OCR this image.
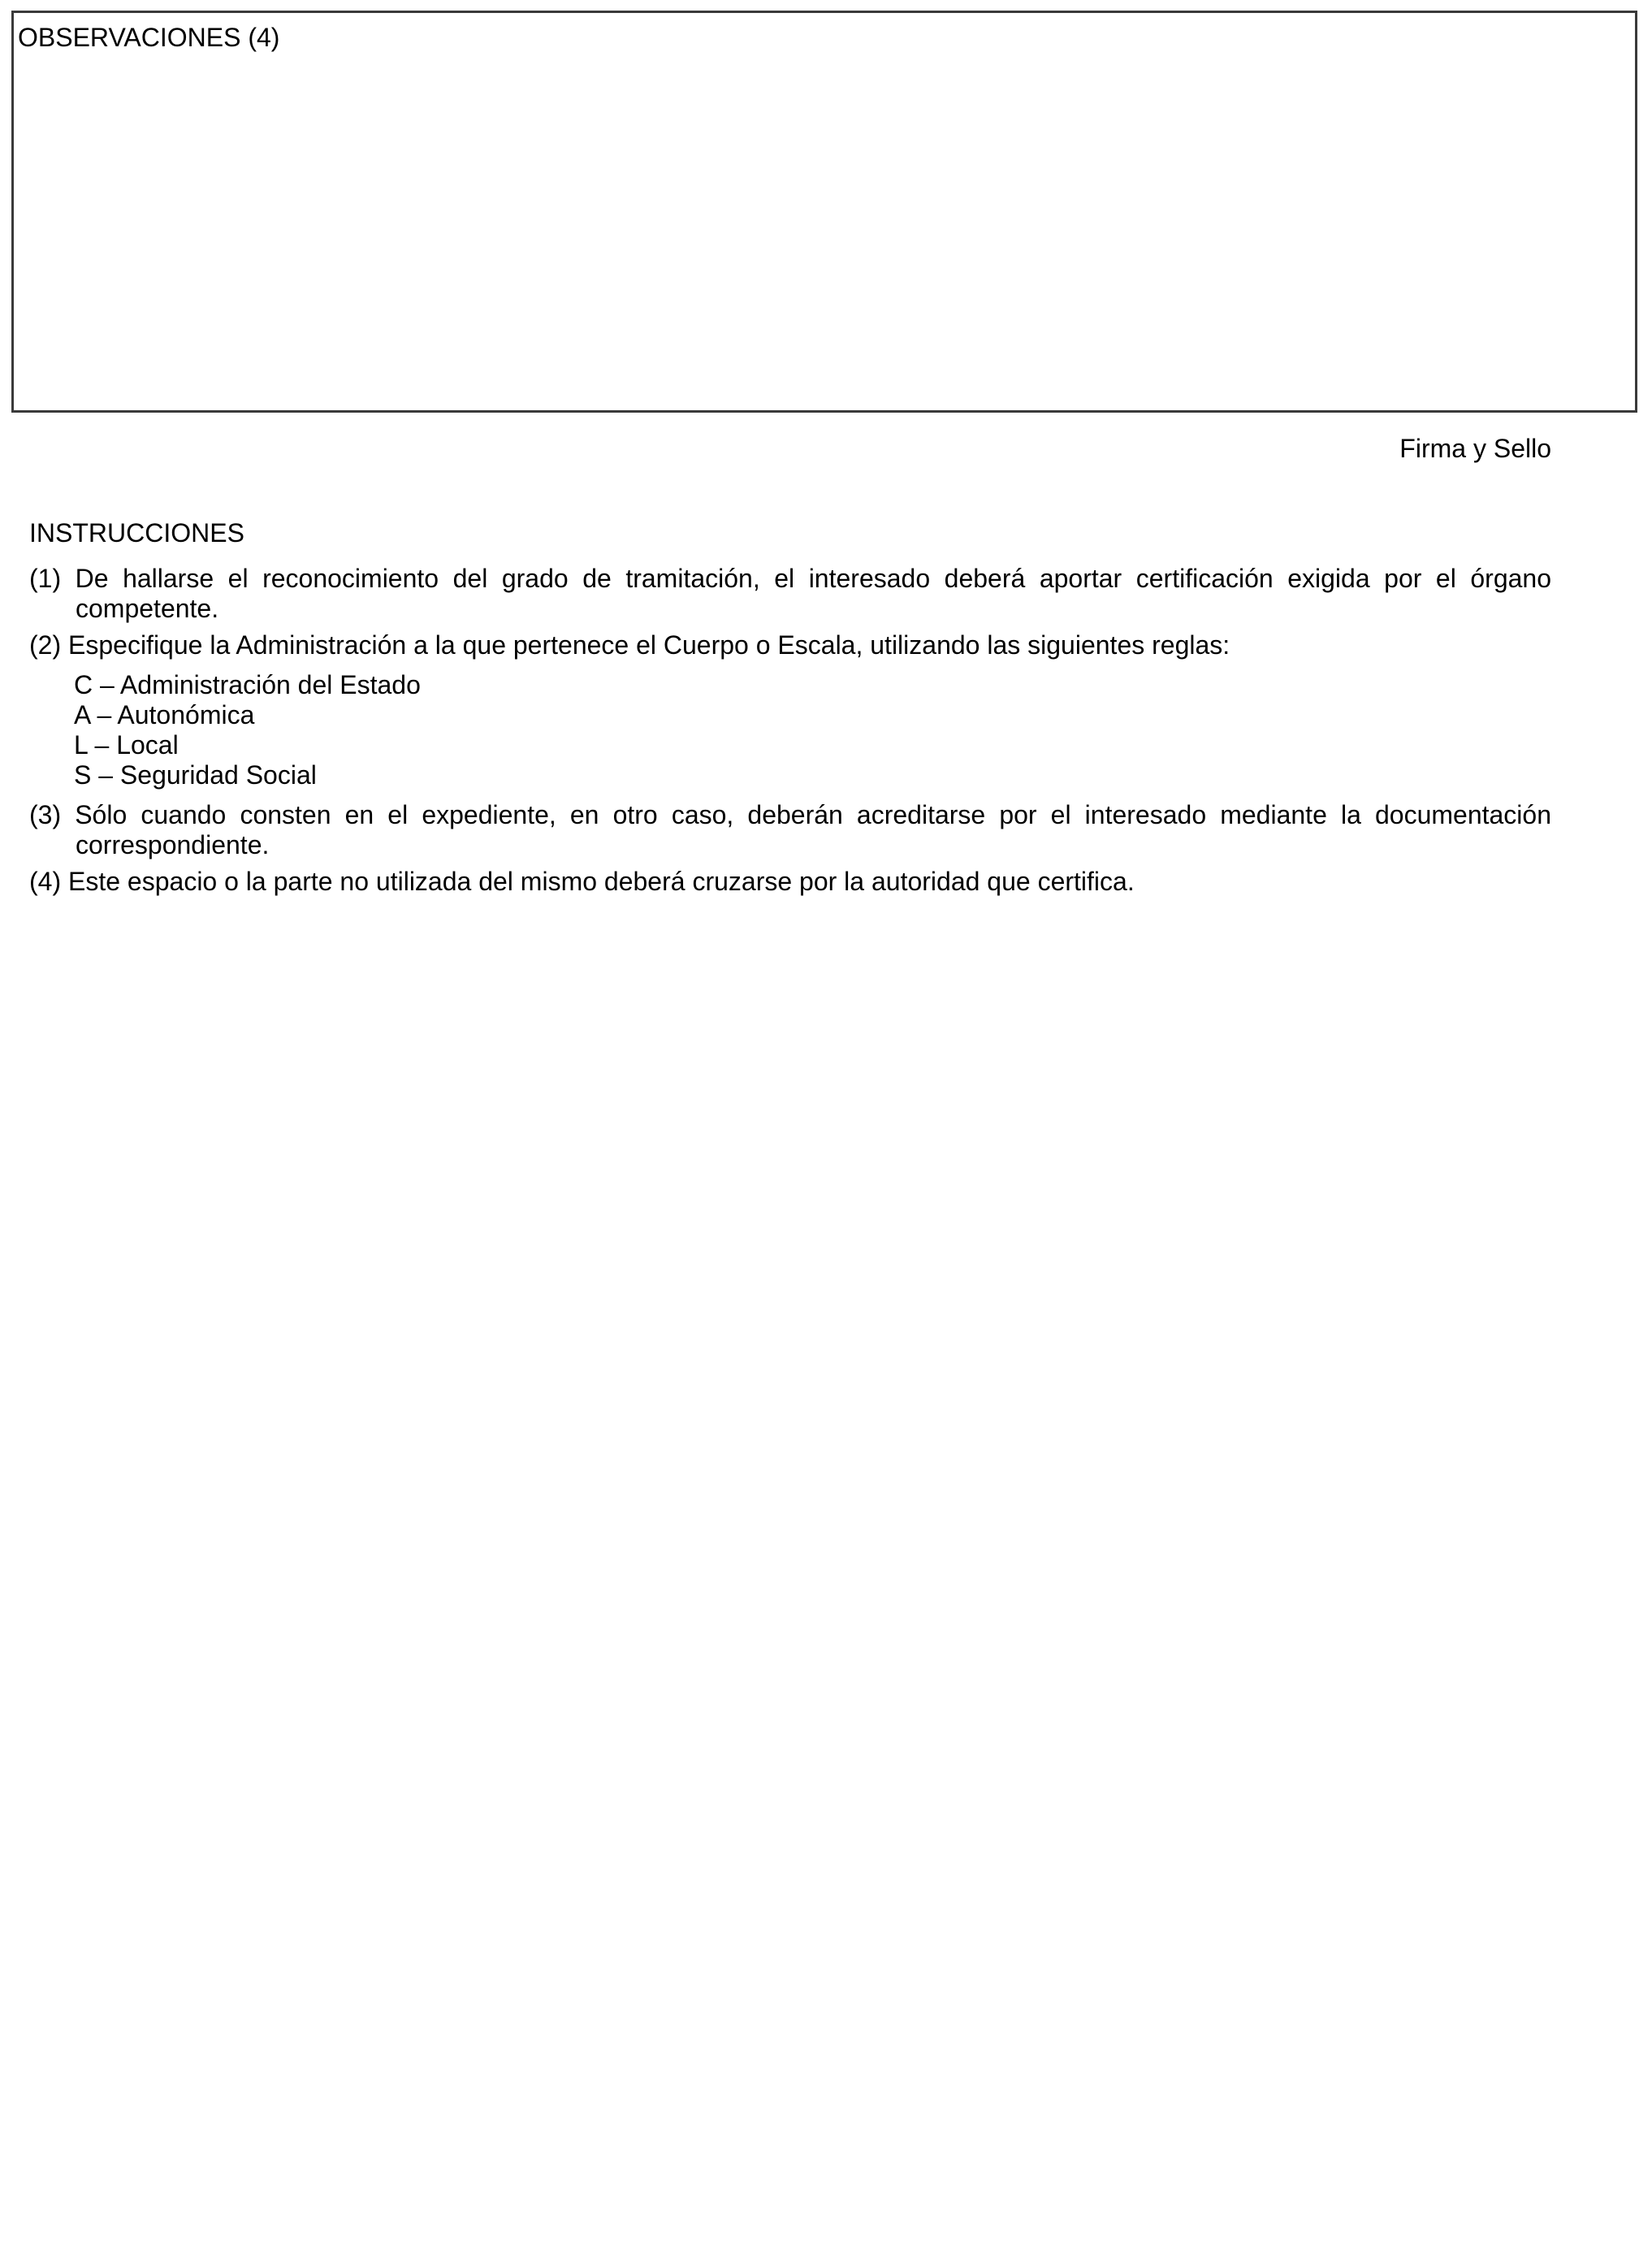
OBSERVACIONES (4)
Firma y Sello
INSTRUCCIONES
(1) De hallarse el reconocimiento del grado de tramitación, el interesado deberá aportar certificación exigida por el órgano competente.
(2) Especifique la Administración a la que pertenece el Cuerpo o Escala, utilizando las siguientes reglas:
C – Administración del Estado
A – Autonómica
L – Local
S – Seguridad Social
(3) Sólo cuando consten en el expediente, en otro caso, deberán acreditarse por el interesado mediante la documentación correspondiente.
(4) Este espacio o la parte no utilizada del mismo deberá cruzarse por la autoridad que certifica.
